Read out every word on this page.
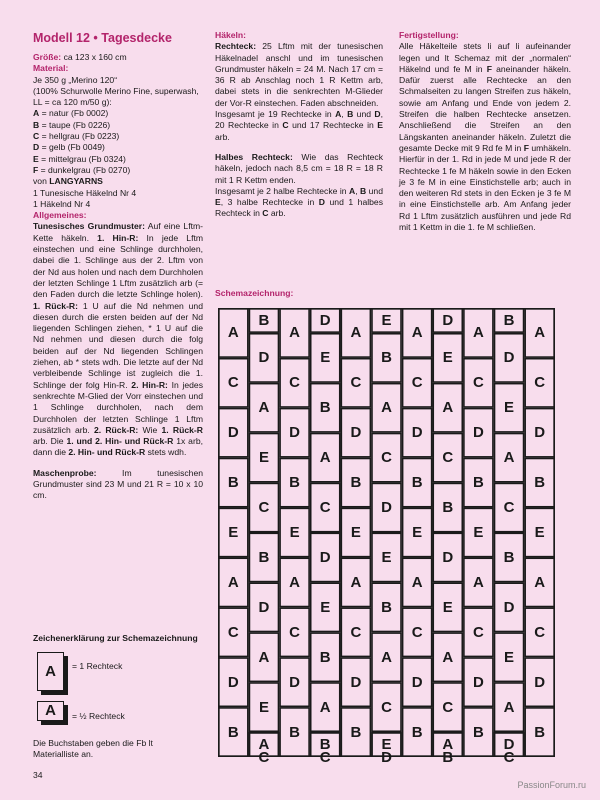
Modell 12 • Tagesdecke

Größe: ca 123 x 160 cm

Material:

Je 350 g „Merino 120“

(100% Schurwolle Merino Fine, superwash,

LL = ca 120 m/50 g):

A = natur (Fb 0002)

B = taupe (Fb 0226)

C = hellgrau (Fb 0223)

D = gelb (Fb 0049)

E = mittelgrau (Fb 0324)

F = dunkelgrau (Fb 0270)

von LANGYARNS

1 Tunesische Häkelnd Nr 4

1 Häkelnd Nr 4

Allgemeines:

Tunesisches Grundmuster: Auf eine Lftm-Kette häkeln. 1. Hin-R: In jede Lftm einstechen und eine Schlinge durchholen, dabei die 1. Schlinge aus der 2. Lftm von der Nd aus holen und nach dem Durchholen der letzten Schlinge 1 Lftm zusätzlich arb (= den Faden durch die letzte Schlinge holen). 1. Rück-R: 1 U auf die Nd nehmen und diesen durch die ersten beiden auf der Nd liegenden Schlingen ziehen, * 1 U auf die Nd nehmen und diesen durch die folg beiden auf der Nd liegenden Schlingen ziehen, ab * stets wdh. Die letzte auf der Nd verbleibende Schlinge ist zugleich die 1. Schlinge der folg Hin-R. 2. Hin-R: In jedes senkrechte M-Glied der Vorr einstechen und 1 Schlinge durchholen, nach dem Durchholen der letzten Schlinge 1 Lftm zusätzlich arb. 2. Rück-R: Wie 1. Rück-R arb. Die 1. und 2. Hin- und Rück-R 1x arb, dann die 2. Hin- und Rück-R stets wdh.

Maschenprobe: Im tunesischen Grundmuster sind 23 M und 21 R = 10 x 10 cm.

Häkeln:

Rechteck: 25 Lftm mit der tunesischen Häkelnadel anschl und im tunesischen Grundmuster häkeln = 24 M. Nach 17 cm = 36 R ab Anschlag noch 1 R Kettm arb, dabei stets in die senkrechten M-Glieder der Vor-R einstechen. Faden abschneiden.

Insgesamt je 19 Rechtecke in A, B und D, 20 Rechtecke in C und 17 Rechtecke in E arb.

Halbes Rechteck: Wie das Rechteck häkeln, jedoch nach 8,5 cm = 18 R = 18 R mit 1 R Kettm enden.

Insgesamt je 2 halbe Rechtecke in A, B und E, 3 halbe Rechtecke in D und 1 halbes Rechteck in C arb.

Fertigstellung:

Alle Häkelteile stets li auf li aufeinander legen und lt Schemaz mit der „normalen“ Häkelnd und fe M in F aneinander häkeln. Dafür zuerst alle Rechtecke an den Schmalseiten zu langen Streifen zus häkeln, sowie am Anfang und Ende von jedem 2. Streifen die halben Rechtecke ansetzen. Anschließend die Streifen an den Längskanten aneinander häkeln. Zuletzt die gesamte Decke mit 9 Rd fe M in F umhäkeln. Hierfür in der 1. Rd in jede M und jede R der Rechtecke 1 fe M häkeln sowie in den Ecken je 3 fe M in eine Einstichstelle arb; auch in den weiteren Rd stets in den Ecken je 3 fe M in eine Einstichstelle arb. Am Anfang jeder Rd 1 Lftm zusätzlich ausführen und jede Rd mit 1 Kettm in die 1. fe M schließen.

Schemazeichnung:
A
C
D
B
E
A
C
D
B
B
D
A
E
C
B
D
A
E
C
A
A
C
D
B
E
A
C
D
B
D
E
B
A
C
D
E
B
A
C
B
A
C
D
B
E
A
C
D
B
E
B
A
C
D
E
B
A
C
D
E
A
C
D
B
E
A
C
D
B
D
E
A
C
B
D
E
A
C
B
A
A
C
D
B
E
A
C
D
B
B
D
E
A
C
B
D
E
A
C
D
A
C
D
B
E
A
C
D
B
Zeichenerklärung zur Schemazeichnung
A	= 1 Rechteck
A	= ½ Rechteck
Die Buchstaben geben die Fb lt Materialliste an.
34
PassionForum.ru
